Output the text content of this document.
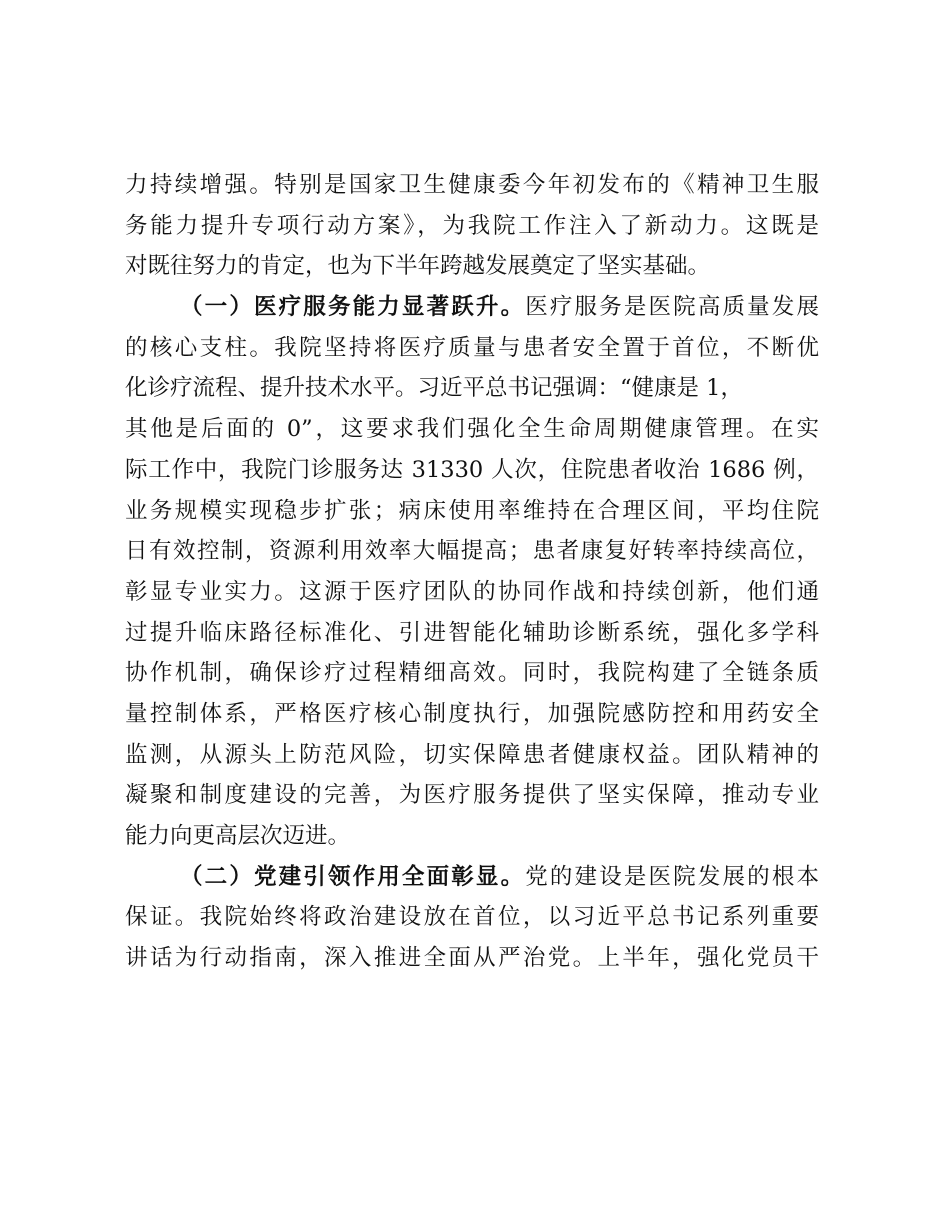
力持续增强。特别是国家卫生健康委今年初发布的《精神卫生服
务能力提升专项行动方案》，为我院工作注入了新动力。这既是
对既往努力的肯定，也为下半年跨越发展奠定了坚实基础。
（一）医疗服务能力显著跃升。医疗服务是医院高质量发展
的核心支柱。我院坚持将医疗质量与患者安全置于首位，不断优
化诊疗流程、提升技术水平。习近平总书记强调：“健康是 1，
其他是后面的 0”，这要求我们强化全生命周期健康管理。在实
际工作中，我院门诊服务达 31330 人次，住院患者收治 1686 例，
业务规模实现稳步扩张；病床使用率维持在合理区间，平均住院
日有效控制，资源利用效率大幅提高；患者康复好转率持续高位，
彰显专业实力。这源于医疗团队的协同作战和持续创新，他们通
过提升临床路径标准化、引进智能化辅助诊断系统，强化多学科
协作机制，确保诊疗过程精细高效。同时，我院构建了全链条质
量控制体系，严格医疗核心制度执行，加强院感防控和用药安全
监测，从源头上防范风险，切实保障患者健康权益。团队精神的
凝聚和制度建设的完善，为医疗服务提供了坚实保障，推动专业
能力向更高层次迈进。
（二）党建引领作用全面彰显。党的建设是医院发展的根本
保证。我院始终将政治建设放在首位，以习近平总书记系列重要
讲话为行动指南，深入推进全面从严治党。上半年，强化党员干
